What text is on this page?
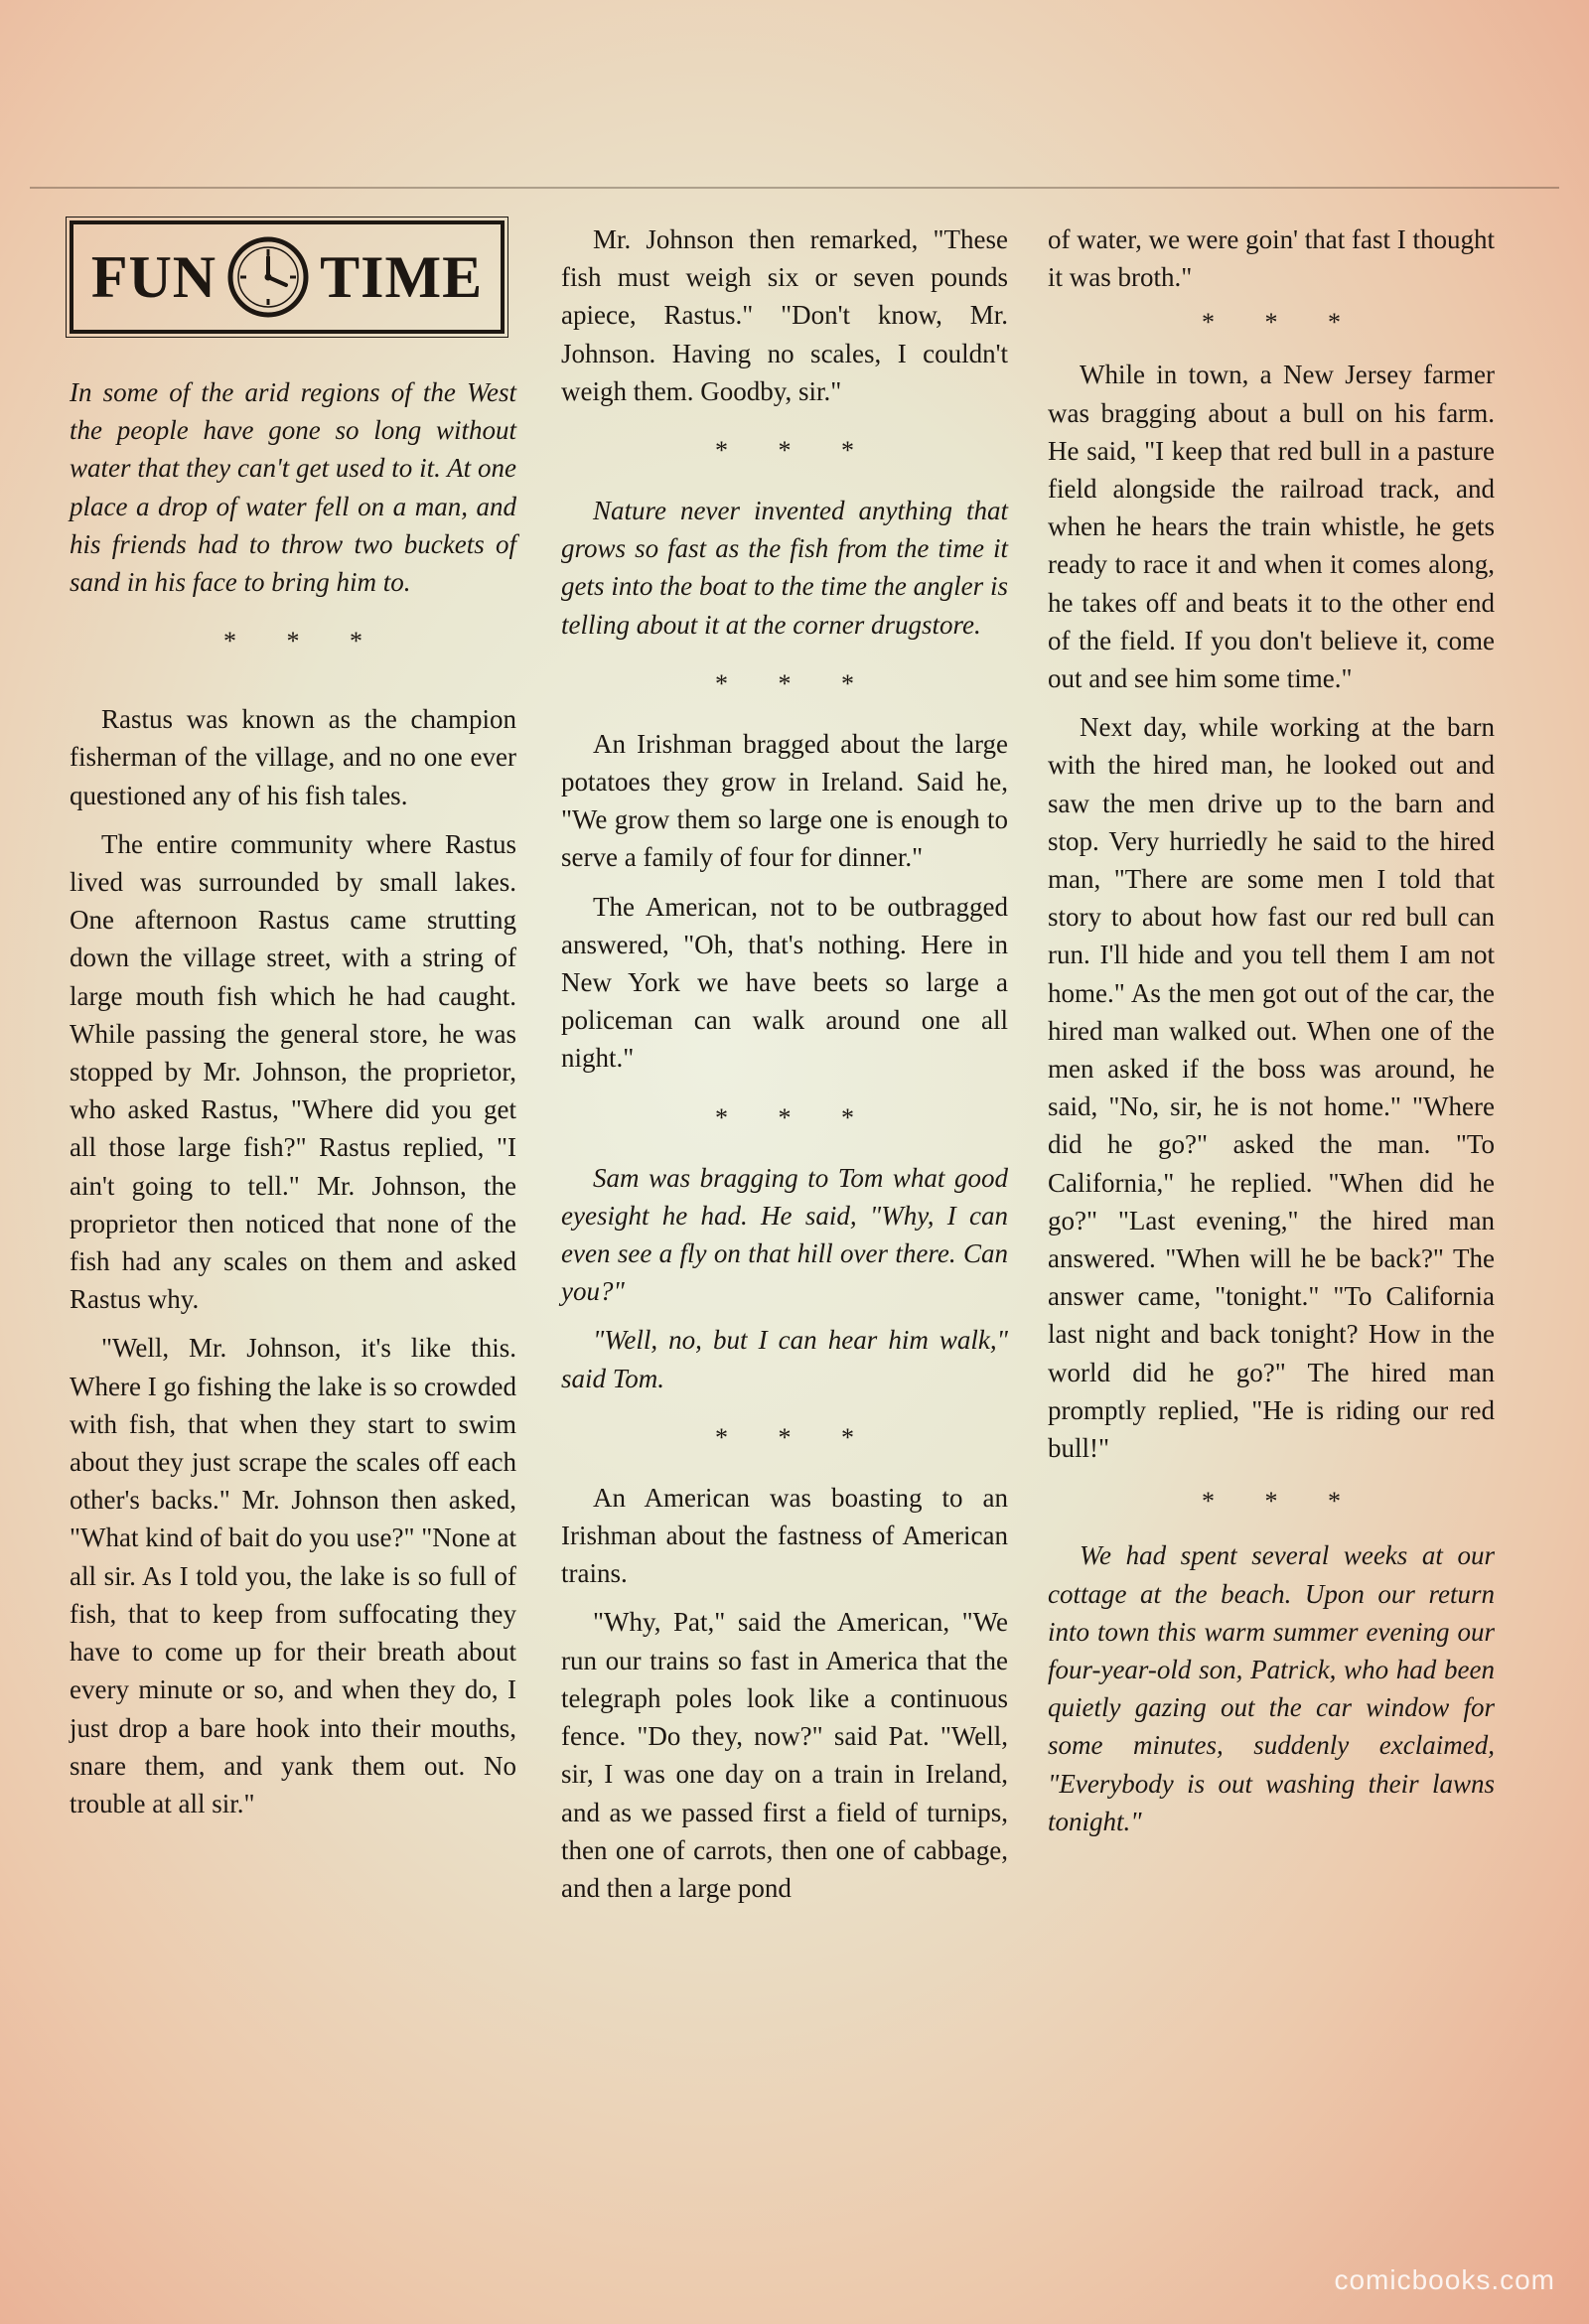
FUN TIME

In some of the arid regions of the West the people have gone so long without water that they can't get used to it. At one place a drop of water fell on a man, and his friends had to throw two buckets of sand in his face to bring him to.

* * *

Rastus was known as the champion fisherman of the village, and no one ever questioned any of his fish tales.

The entire community where Rastus lived was surrounded by small lakes. One afternoon Rastus came strutting down the village street, with a string of large mouth fish which he had caught. While passing the general store, he was stopped by Mr. Johnson, the proprietor, who asked Rastus, "Where did you get all those large fish?" Rastus replied, "I ain't going to tell." Mr. Johnson, the proprietor then noticed that none of the fish had any scales on them and asked Rastus why.

"Well, Mr. Johnson, it's like this. Where I go fishing the lake is so crowded with fish, that when they start to swim about they just scrape the scales off each other's backs." Mr. Johnson then asked, "What kind of bait do you use?" "None at all sir. As I told you, the lake is so full of fish, that to keep from suffocating they have to come up for their breath about every minute or so, and when they do, I just drop a bare hook into their mouths, snare them, and yank them out. No trouble at all sir."

Mr. Johnson then remarked, "These fish must weigh six or seven pounds apiece, Rastus." "Don't know, Mr. Johnson. Having no scales, I couldn't weigh them. Goodby, sir."

* * *

Nature never invented anything that grows so fast as the fish from the time it gets into the boat to the time the angler is telling about it at the corner drugstore.

* * *

An Irishman bragged about the large potatoes they grow in Ireland. Said he, "We grow them so large one is enough to serve a family of four for dinner."

The American, not to be outbragged answered, "Oh, that's nothing. Here in New York we have beets so large a policeman can walk around one all night."

* * *

Sam was bragging to Tom what good eyesight he had. He said, "Why, I can even see a fly on that hill over there. Can you?"

"Well, no, but I can hear him walk," said Tom.

* * *

An American was boasting to an Irishman about the fastness of American trains.

"Why, Pat," said the American, "We run our trains so fast in America that the telegraph poles look like a continuous fence. "Do they, now?" said Pat. "Well, sir, I was one day on a train in Ireland, and as we passed first a field of turnips, then one of carrots, then one of cabbage, and then a large pond

of water, we were goin' that fast I thought it was broth."

* * *

While in town, a New Jersey farmer was bragging about a bull on his farm. He said, "I keep that red bull in a pasture field alongside the railroad track, and when he hears the train whistle, he gets ready to race it and when it comes along, he takes off and beats it to the other end of the field. If you don't believe it, come out and see him some time."

Next day, while working at the barn with the hired man, he looked out and saw the men drive up to the barn and stop. Very hurriedly he said to the hired man, "There are some men I told that story to about how fast our red bull can run. I'll hide and you tell them I am not home." As the men got out of the car, the hired man walked out. When one of the men asked if the boss was around, he said, "No, sir, he is not home." "Where did he go?" asked the man. "To California," he replied. "When did he go?" "Last evening," the hired man answered. "When will he be back?" The answer came, "tonight." "To California last night and back tonight? How in the world did he go?" The hired man promptly replied, "He is riding our red bull!"

* * *

We had spent several weeks at our cottage at the beach. Upon our return into town this warm summer evening our four-year-old son, Patrick, who had been quietly gazing out the car window for some minutes, suddenly exclaimed, "Everybody is out washing their lawns tonight."

comicbooks.com
